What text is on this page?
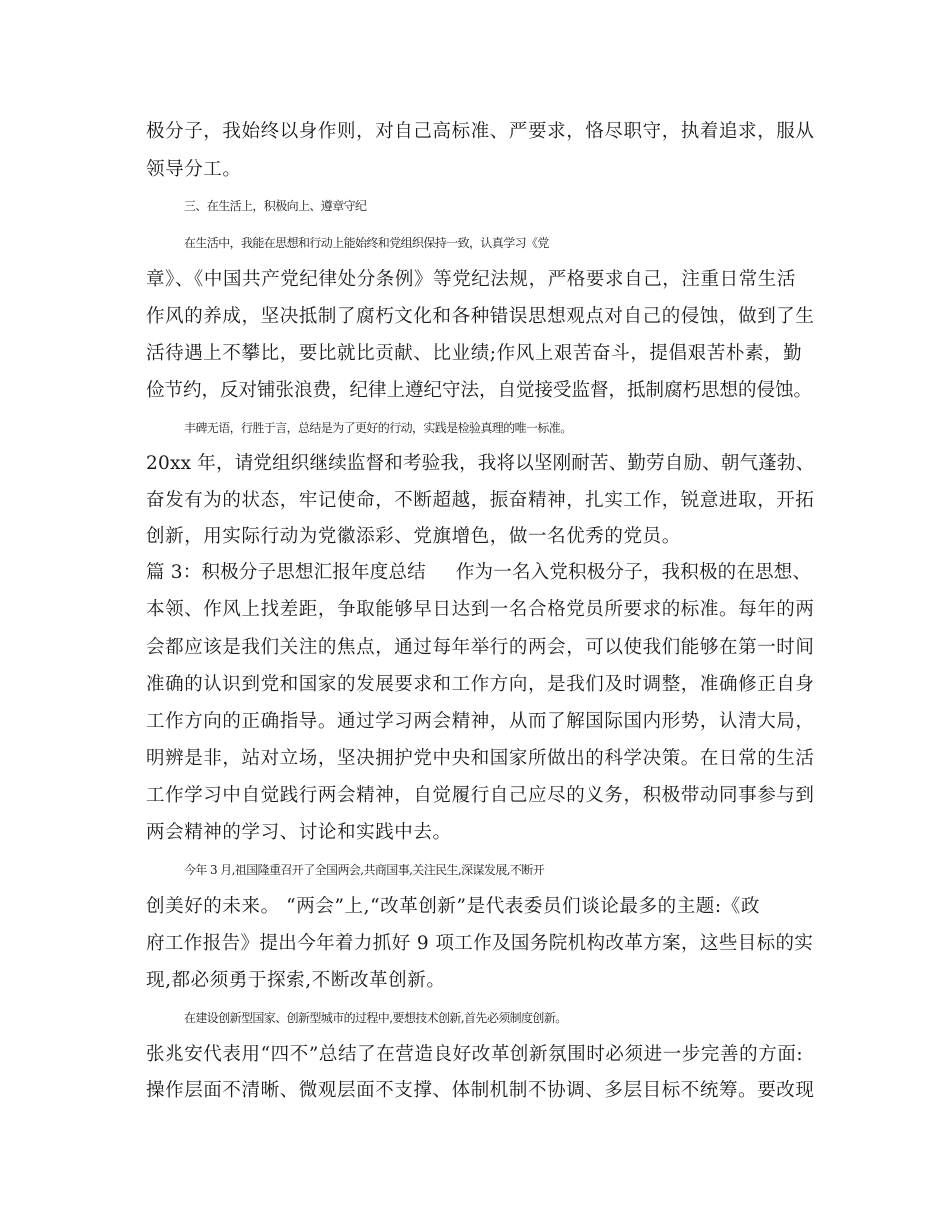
极分子，我始终以身作则，对自己高标准、严要求，恪尽职守，执着追求，服从
领导分工。
三、在生活上，积极向上、遵章守纪
在生活中，我能在思想和行动上能始终和党组织保持一致，认真学习《党
章》、《中国共产党纪律处分条例》等党纪法规，严格要求自己，注重日常生活
作风的养成，坚决抵制了腐朽文化和各种错误思想观点对自己的侵蚀，做到了生
活待遇上不攀比，要比就比贡献、比业绩;作风上艰苦奋斗，提倡艰苦朴素，勤
俭节约，反对铺张浪费，纪律上遵纪守法，自觉接受监督，抵制腐朽思想的侵蚀。
丰碑无语，行胜于言，总结是为了更好的行动，实践是检验真理的唯一标准。
20xx 年，请党组织继续监督和考验我，我将以坚刚耐苦、勤劳自励、朝气蓬勃、
奋发有为的状态，牢记使命，不断超越，振奋精神，扎实工作，锐意进取，开拓
创新，用实际行动为党徽添彩、党旗增色，做一名优秀的党员。
篇 3：积极分子思想汇报年度总结 作为一名入党积极分子，我积极的在思想、
本领、作风上找差距，争取能够早日达到一名合格党员所要求的标准。每年的两
会都应该是我们关注的焦点，通过每年举行的两会，可以使我们能够在第一时间
准确的认识到党和国家的发展要求和工作方向，是我们及时调整，准确修正自身
工作方向的正确指导。通过学习两会精神，从而了解国际国内形势，认清大局，
明辨是非，站对立场，坚决拥护党中央和国家所做出的科学决策。在日常的生活
工作学习中自觉践行两会精神，自觉履行自己应尽的义务，积极带动同事参与到
两会精神的学习、讨论和实践中去。
今年 3 月,祖国隆重召开了全国两会,共商国事,关注民生,深谋发展,不断开
创美好的未来。 “两会”上,“改革创新”是代表委员们谈论最多的主题:《政
府工作报告》提出今年着力抓好 9 项工作及国务院机构改革方案，这些目标的实
现,都必须勇于探索,不断改革创新。
在建设创新型国家、创新型城市的过程中,要想技术创新,首先必须制度创新。
张兆安代表用“四不”总结了在营造良好改革创新氛围时必须进一步完善的方面:
操作层面不清晰、微观层面不支撑、体制机制不协调、多层目标不统筹。要改现
